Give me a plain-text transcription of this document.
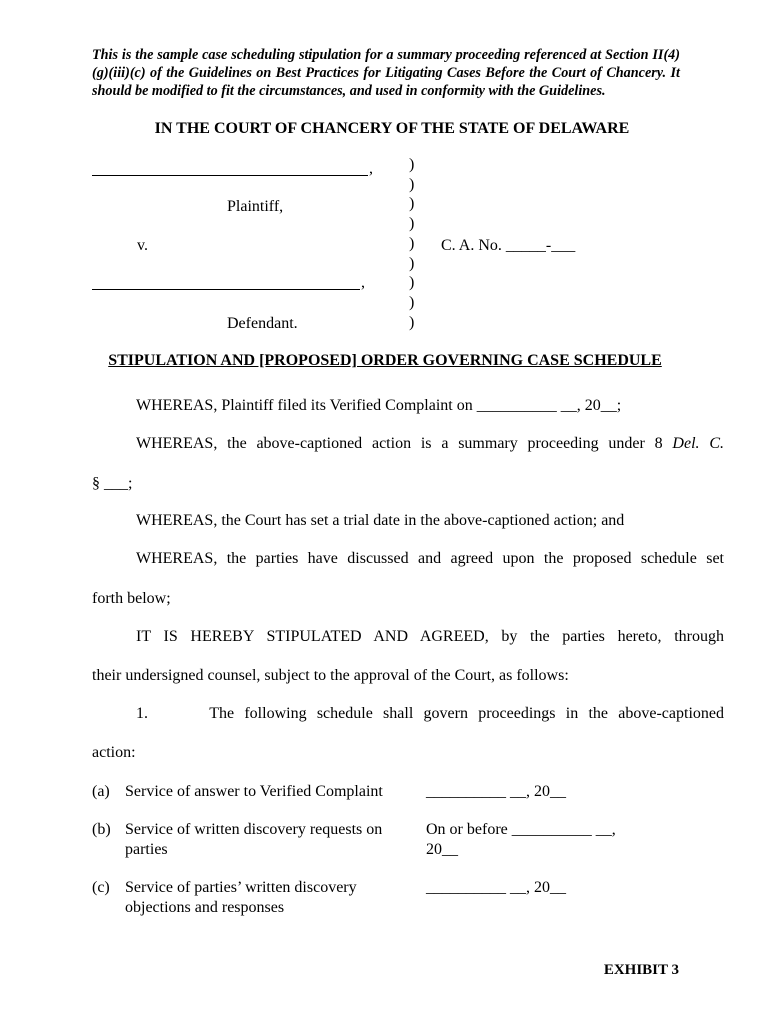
This is the sample case scheduling stipulation for a summary proceeding referenced at Section II(4)(g)(iii)(c) of the Guidelines on Best Practices for Litigating Cases Before the Court of Chancery. It should be modified to fit the circumstances, and used in conformity with the Guidelines.
IN THE COURT OF CHANCERY OF THE STATE OF DELAWARE
,
Plaintiff,
v.	C. A. No. _____-___
,
Defendant.
)
)
)
)
)
)
)
)
)
STIPULATION AND [PROPOSED] ORDER GOVERNING CASE SCHEDULE
WHEREAS, Plaintiff filed its Verified Complaint on __________ __, 20__;
WHEREAS, the above-captioned action is a summary proceeding under 8 Del. C.
§ ___;
WHEREAS, the Court has set a trial date in the above-captioned action; and
WHEREAS, the parties have discussed and agreed upon the proposed schedule set
forth below;
IT IS HEREBY STIPULATED AND AGREED, by the parties hereto, through
their undersigned counsel, subject to the approval of the Court, as follows:
1.      The following schedule shall govern proceedings in the above-captioned
action:
(a) Service of answer to Verified Complaint	__________ __, 20__
(b) Service of written discovery requests on parties
On or before __________ __, 20__
(c) Service of parties’ written discovery objections and responses
__________ __, 20__
EXHIBIT 3
